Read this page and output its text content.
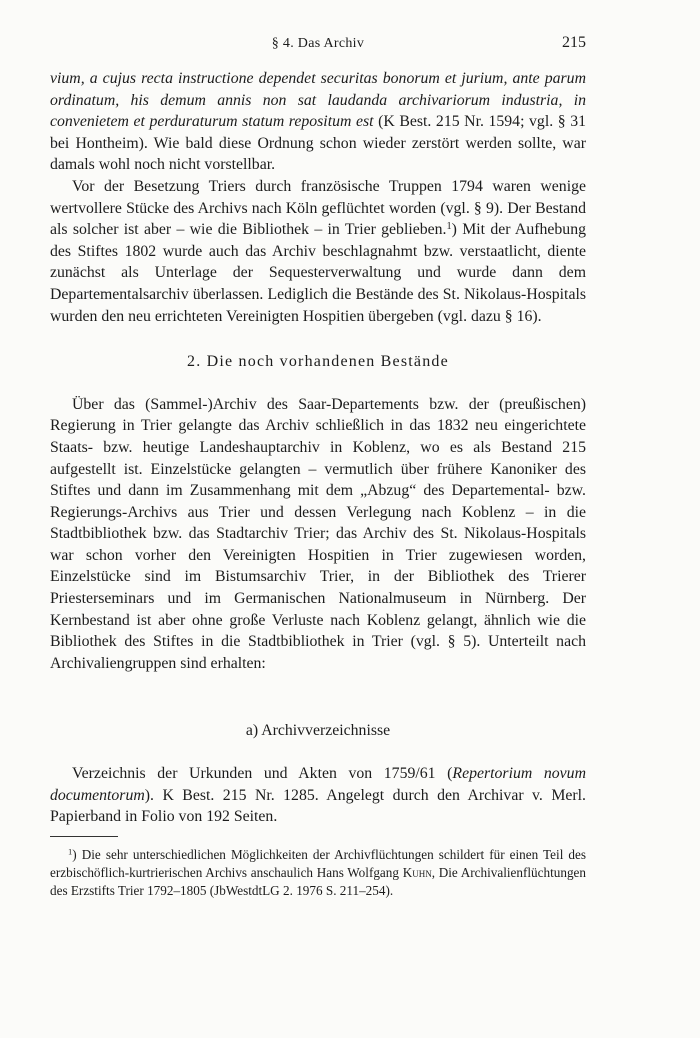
§ 4. Das Archiv	215

vium, a cujus recta instructione dependet securitas bonorum et jurium, ante parum ordinatum, his demum annis non sat laudanda archivariorum industria, in convenietem et perduraturum statum repositum est (K Best. 215 Nr. 1594; vgl. § 31 bei Hontheim). Wie bald diese Ordnung schon wieder zerstört werden sollte, war damals wohl noch nicht vorstellbar.

Vor der Besetzung Triers durch französische Truppen 1794 waren wenige wertvollere Stücke des Archivs nach Köln geflüchtet worden (vgl. § 9). Der Bestand als solcher ist aber – wie die Bibliothek – in Trier geblieben.$^1$) Mit der Aufhebung des Stiftes 1802 wurde auch das Archiv beschlagnahmt bzw. verstaatlicht, diente zunächst als Unterlage der Sequesterverwaltung und wurde dann dem Departementalsarchiv überlassen. Lediglich die Bestände des St. Nikolaus-Hospitals wurden den neu errichteten Vereinigten Hospitien übergeben (vgl. dazu § 16).

2. Die noch vorhandenen Bestände

Über das (Sammel-)Archiv des Saar-Departements bzw. der (preußischen) Regierung in Trier gelangte das Archiv schließlich in das 1832 neu eingerichtete Staats- bzw. heutige Landeshauptarchiv in Koblenz, wo es als Bestand 215 aufgestellt ist. Einzelstücke gelangten – vermutlich über frühere Kanoniker des Stiftes und dann im Zusammenhang mit dem „Abzug“ des Departemental- bzw. Regierungs-Archivs aus Trier und dessen Verlegung nach Koblenz – in die Stadtbibliothek bzw. das Stadtarchiv Trier; das Archiv des St. Nikolaus-Hospitals war schon vorher den Vereinigten Hospitien in Trier zugewiesen worden, Einzelstücke sind im Bistumsarchiv Trier, in der Bibliothek des Trierer Priesterseminars und im Germanischen Nationalmuseum in Nürnberg. Der Kernbestand ist aber ohne große Verluste nach Koblenz gelangt, ähnlich wie die Bibliothek des Stiftes in die Stadtbibliothek in Trier (vgl. § 5). Unterteilt nach Archivaliengruppen sind erhalten:

a) Archivverzeichnisse

Verzeichnis der Urkunden und Akten von 1759/61 (Repertorium novum documentorum). K Best. 215 Nr. 1285. Angelegt durch den Archivar v. Merl. Papierband in Folio von 192 Seiten.

$^1$) Die sehr unterschiedlichen Möglichkeiten der Archivflüchtungen schildert für einen Teil des erzbischöflich-kurtrierischen Archivs anschaulich Hans Wolfgang Kuhn, Die Archivalienflüchtungen des Erzstifts Trier 1792–1805 (JbWestdtLG 2. 1976 S. 211–254).
